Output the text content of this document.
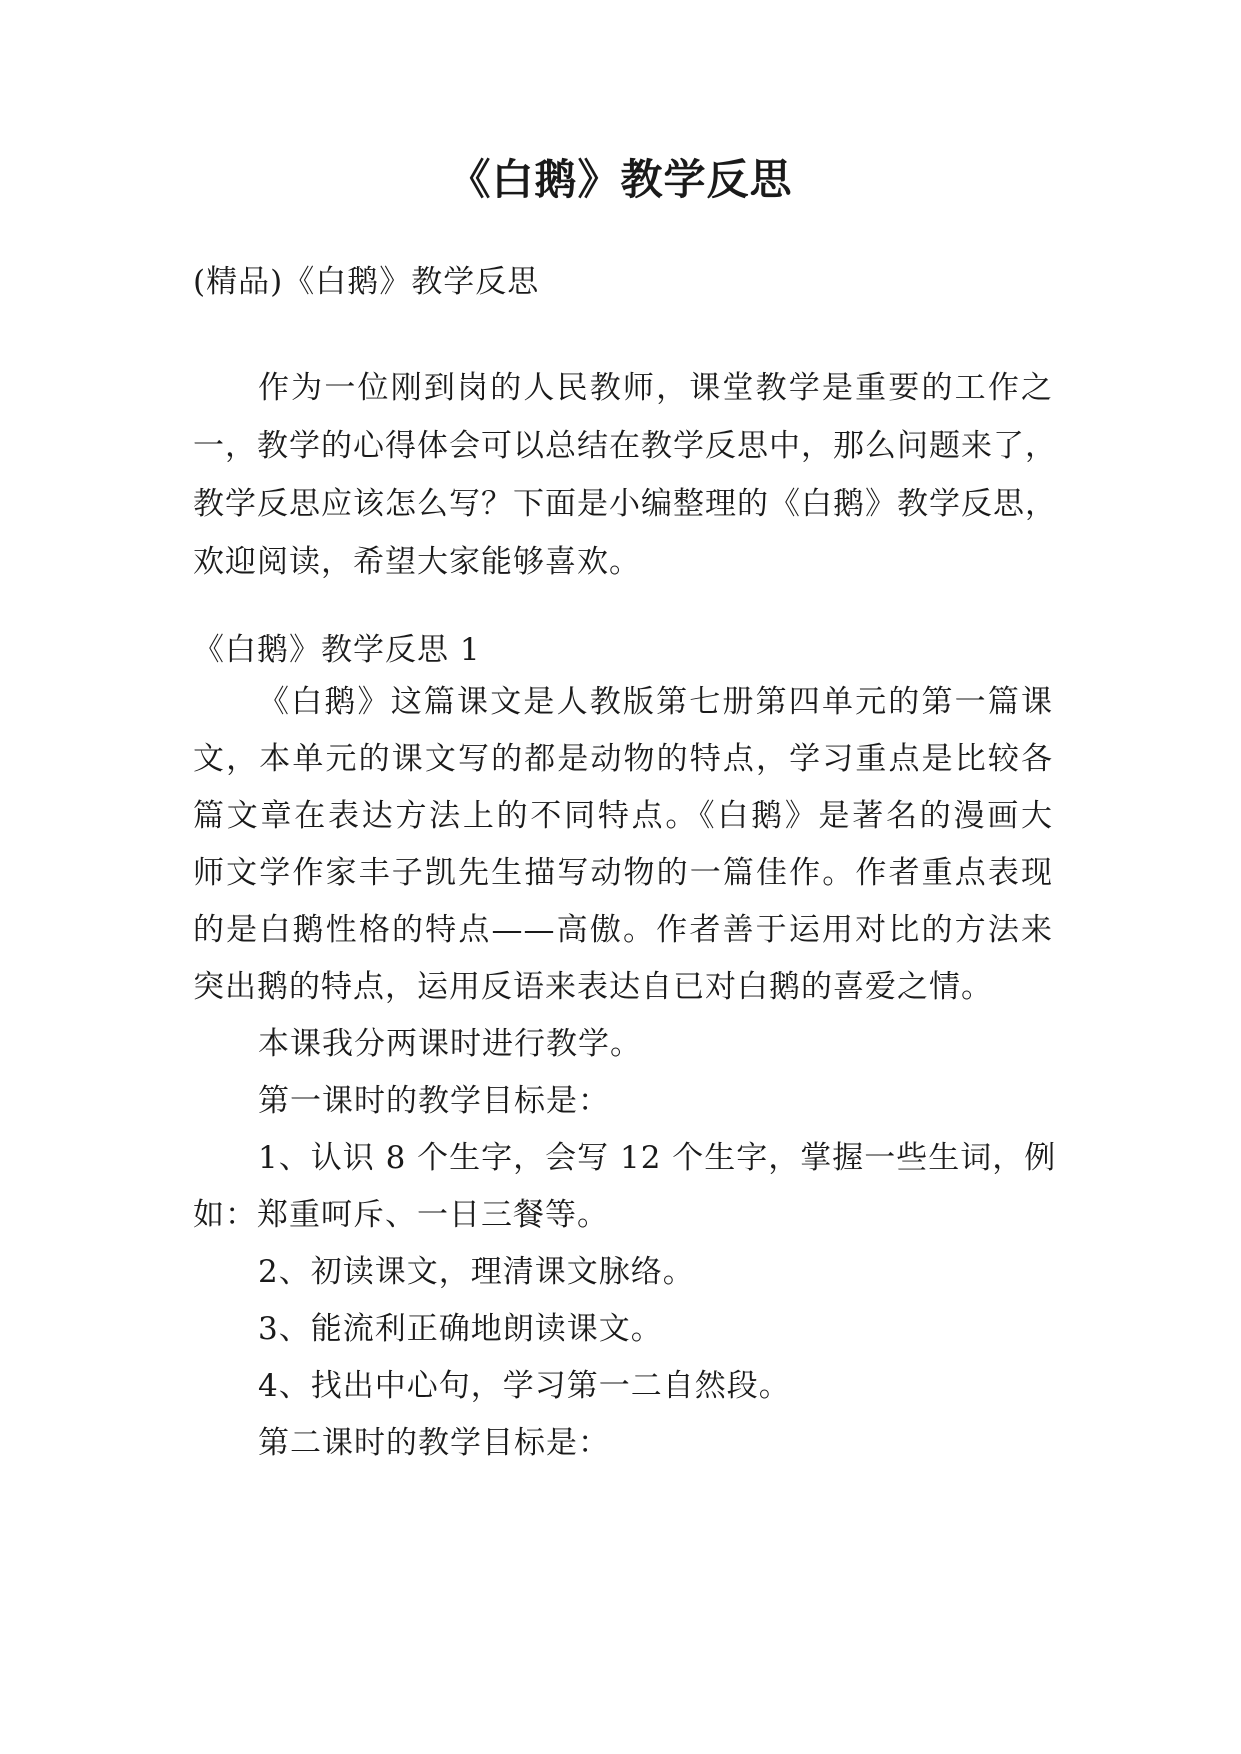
《白鹅》教学反思
(精品)《白鹅》教学反思
作为一位刚到岗的人民教师，课堂教学是重要的工作之
一，教学的心得体会可以总结在教学反思中，那么问题来了，
教学反思应该怎么写？下面是小编整理的《白鹅》教学反思，
欢迎阅读，希望大家能够喜欢。
《白鹅》教学反思 1
《白鹅》这篇课文是人教版第七册第四单元的第一篇课
文，本单元的课文写的都是动物的特点，学习重点是比较各
篇文章在表达方法上的不同特点。《白鹅》是著名的漫画大
师文学作家丰子凯先生描写动物的一篇佳作。作者重点表现
的是白鹅性格的特点——高傲。作者善于运用对比的方法来
突出鹅的特点，运用反语来表达自已对白鹅的喜爱之情。
本课我分两课时进行教学。
第一课时的教学目标是：
1、认识 8 个生字，会写 12 个生字，掌握一些生词，例
如：郑重呵斥、一日三餐等。
2、初读课文，理清课文脉络。
3、能流利正确地朗读课文。
4、找出中心句，学习第一二自然段。
第二课时的教学目标是：
